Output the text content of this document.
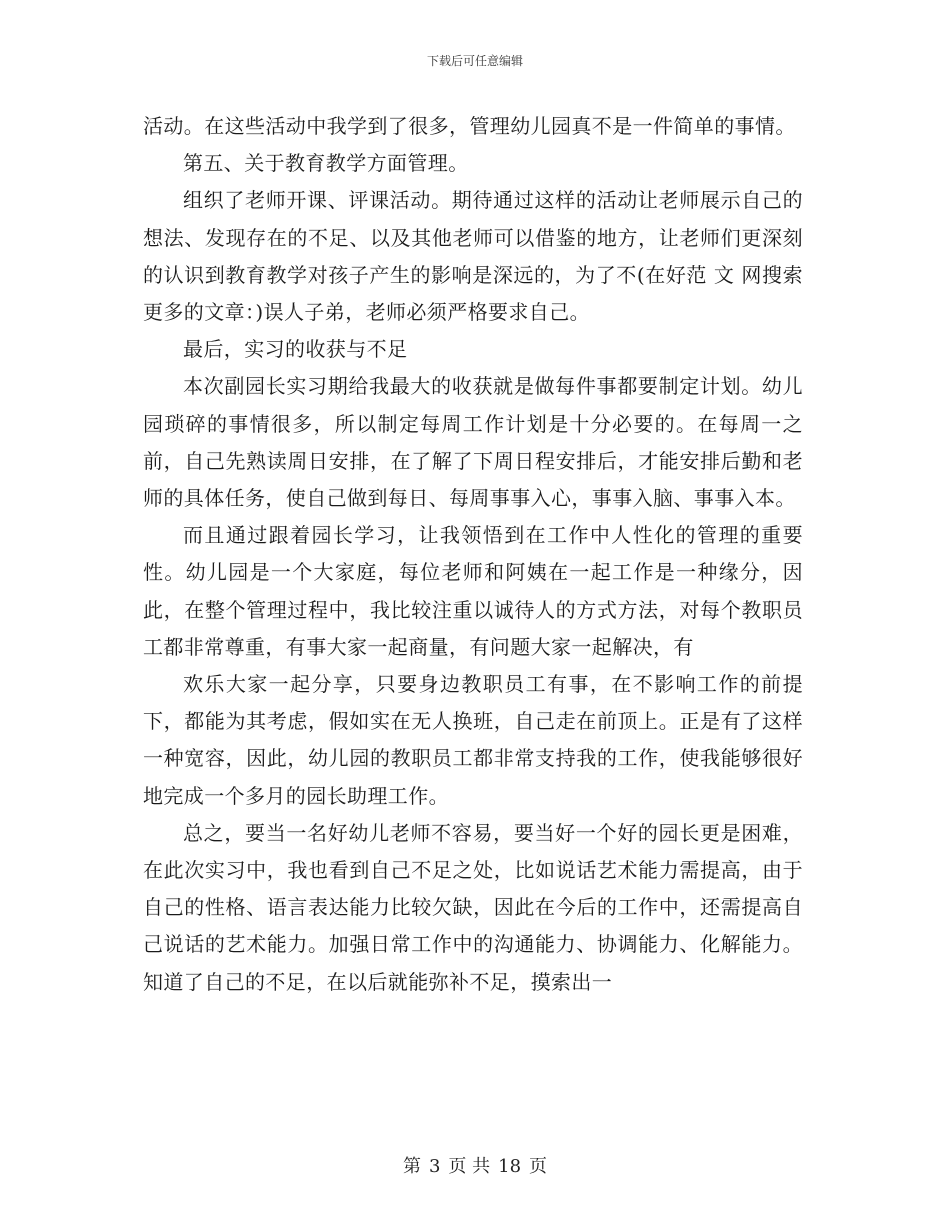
下载后可任意编辑

活动。在这些活动中我学到了很多，管理幼儿园真不是一件简单的事情。

第五、关于教育教学方面管理。

组织了老师开课、评课活动。期待通过这样的活动让老师展示自己的想法、发现存在的不足、以及其他老师可以借鉴的地方，让老师们更深刻的认识到教育教学对孩子产生的影响是深远的，为了不(在好范 文 网搜索更多的文章：)误人子弟，老师必须严格要求自己。

最后，实习的收获与不足

本次副园长实习期给我最大的收获就是做每件事都要制定计划。幼儿园琐碎的事情很多，所以制定每周工作计划是十分必要的。在每周一之前，自己先熟读周日安排，在了解了下周日程安排后，才能安排后勤和老师的具体任务，使自己做到每日、每周事事入心，事事入脑、事事入本。

而且通过跟着园长学习，让我领悟到在工作中人性化的管理的重要性。幼儿园是一个大家庭，每位老师和阿姨在一起工作是一种缘分，因此，在整个管理过程中，我比较注重以诚待人的方式方法，对每个教职员工都非常尊重，有事大家一起商量，有问题大家一起解决，有

欢乐大家一起分享，只要身边教职员工有事，在不影响工作的前提下，都能为其考虑，假如实在无人换班，自己走在前顶上。正是有了这样一种宽容，因此，幼儿园的教职员工都非常支持我的工作，使我能够很好地完成一个多月的园长助理工作。

总之，要当一名好幼儿老师不容易，要当好一个好的园长更是困难，在此次实习中，我也看到自己不足之处，比如说话艺术能力需提高，由于自己的性格、语言表达能力比较欠缺，因此在今后的工作中，还需提高自己说话的艺术能力。加强日常工作中的沟通能力、协调能力、化解能力。知道了自己的不足，在以后就能弥补不足，摸索出一

第 3 页 共 18 页
